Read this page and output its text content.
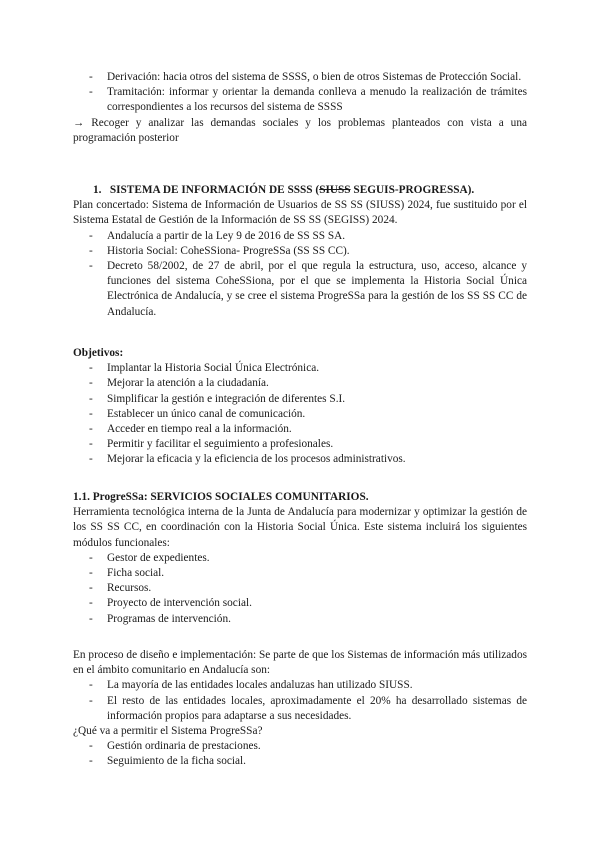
- Derivación: hacia otros del sistema de SSSS, o bien de otros Sistemas de Protección Social.
- Tramitación: informar y orientar la demanda conlleva a menudo la realización de trámites correspondientes a los recursos del sistema de SSSS

→ Recoger y analizar las demandas sociales y los problemas planteados con vista a una programación posterior

1. SISTEMA DE INFORMACIÓN DE SSSS (SIUSS SEGUIS-PROGRESSA).

Plan concertado: Sistema de Información de Usuarios de SS SS (SIUSS) 2024, fue sustituido por el Sistema Estatal de Gestión de la Información de SS SS (SEGISS) 2024.

- Andalucía a partir de la Ley 9 de 2016 de SS SS SA.
- Historia Social: CoheSSiona- ProgreSSa (SS SS CC).
- Decreto 58/2002, de 27 de abril, por el que regula la estructura, uso, acceso, alcance y funciones del sistema CoheSSiona, por el que se implementa la Historia Social Única Electrónica de Andalucía, y se cree el sistema ProgreSSa para la gestión de los SS SS CC de Andalucía.

Objetivos:

- Implantar la Historia Social Única Electrónica.
- Mejorar la atención a la ciudadanía.
- Simplificar la gestión e integración de diferentes S.I.
- Establecer un único canal de comunicación.
- Acceder en tiempo real a la información.
- Permitir y facilitar el seguimiento a profesionales.
- Mejorar la eficacia y la eficiencia de los procesos administrativos.

1.1. ProgreSSa: SERVICIOS SOCIALES COMUNITARIOS.

Herramienta tecnológica interna de la Junta de Andalucía para modernizar y optimizar la gestión de los SS SS CC, en coordinación con la Historia Social Única. Este sistema incluirá los siguientes módulos funcionales:

- Gestor de expedientes.
- Ficha social.
- Recursos.
- Proyecto de intervención social.
- Programas de intervención.

En proceso de diseño e implementación: Se parte de que los Sistemas de información más utilizados en el ámbito comunitario en Andalucía son:

- La mayoría de las entidades locales andaluzas han utilizado SIUSS.
- El resto de las entidades locales, aproximadamente el 20% ha desarrollado sistemas de información propios para adaptarse a sus necesidades.

¿Qué va a permitir el Sistema ProgreSSa?

- Gestión ordinaria de prestaciones.
- Seguimiento de la ficha social.
